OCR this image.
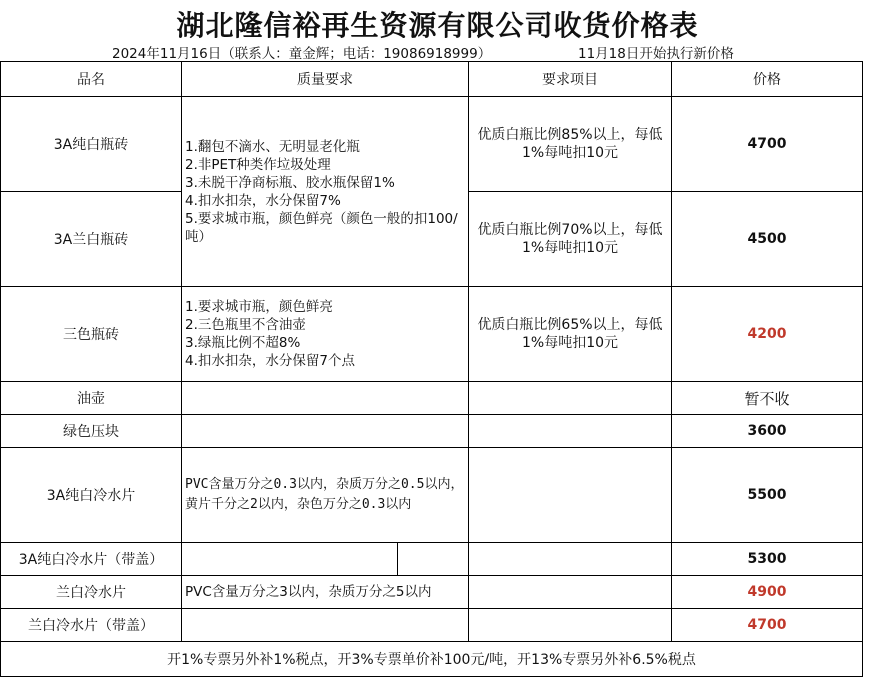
湖北隆信裕再生资源有限公司收货价格表
2024年11月16日（联系人：童金辉；电话：19086918999）	11月18日开始执行新价格
品名	质量要求		要求项目	价格
3A纯白瓶砖	1.翻包不滴水、无明显老化瓶
2.非PET种类作垃圾处理
3.未脱干净商标瓶、胶水瓶保留1%
4.扣水扣杂，水分保留7%
5.要求城市瓶，颜色鲜亮（颜色一般的扣100/吨）		优质白瓶比例85%以上，每低1%每吨扣10元	4700
3A兰白瓶砖			优质白瓶比例70%以上，每低1%每吨扣10元	4500
三色瓶砖	1.要求城市瓶，颜色鲜亮
2.三色瓶里不含油壶
3.绿瓶比例不超8%
4.扣水扣杂，水分保留7个点		优质白瓶比例65%以上，每低1%每吨扣10元	4200
油壶				暂不收
绿色压块				3600
3A纯白冷水片	PVC含量万分之0.3以内，杂质万分之0.5以内，黄片千分之2以内，杂色万分之0.3以内			5500
3A纯白冷水片（带盖）				5300
兰白冷水片	PVC含量万分之3以内，杂质万分之5以内			4900
兰白冷水片（带盖）				4700
开1%专票另外补1%税点，开3%专票单价补100元/吨，开13%专票另外补6.5%税点				
